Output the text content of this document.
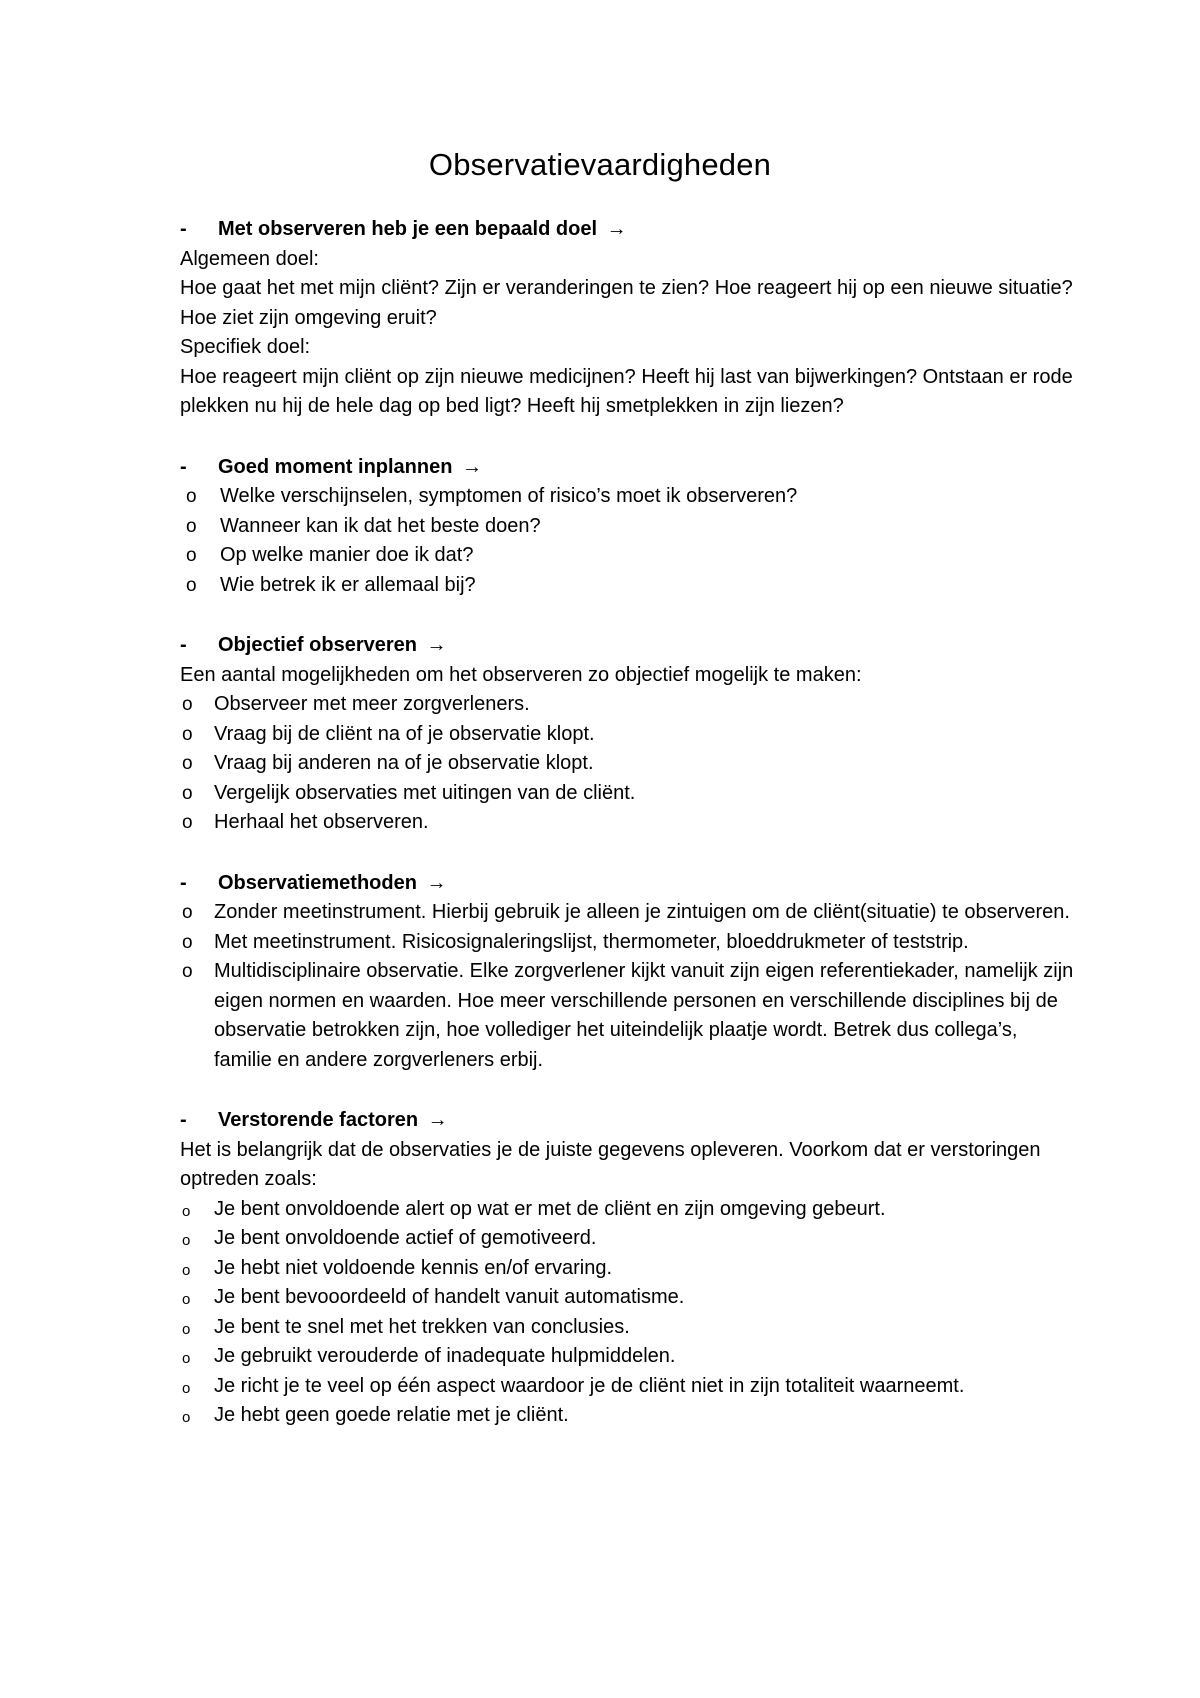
Observatievaardigheden
- Met observeren heb je een bepaald doel →

Algemeen doel:

Hoe gaat het met mijn cliënt? Zijn er veranderingen te zien? Hoe reageert hij op een nieuwe situatie? Hoe ziet zijn omgeving eruit?

Specifiek doel:

Hoe reageert mijn cliënt op zijn nieuwe medicijnen? Heeft hij last van bijwerkingen? Ontstaan er rode plekken nu hij de hele dag op bed ligt? Heeft hij smetplekken in zijn liezen?

- Goed moment inplannen →
o Welke verschijnselen, symptomen of risico’s moet ik observeren?
o Wanneer kan ik dat het beste doen?
o Op welke manier doe ik dat?
o Wie betrek ik er allemaal bij?
- Objectief observeren →

Een aantal mogelijkheden om het observeren zo objectief mogelijk te maken:

o Observeer met meer zorgverleners.
o Vraag bij de cliënt na of je observatie klopt.
o Vraag bij anderen na of je observatie klopt.
o Vergelijk observaties met uitingen van de cliënt.
o Herhaal het observeren.
- Observatiemethoden →
o Zonder meetinstrument. Hierbij gebruik je alleen je zintuigen om de cliënt(situatie) te observeren.
o Met meetinstrument. Risicosignaleringslijst, thermometer, bloeddrukmeter of teststrip.
o Multidisciplinaire observatie. Elke zorgverlener kijkt vanuit zijn eigen referentiekader, namelijk zijn eigen normen en waarden. Hoe meer verschillende personen en verschillende disciplines bij de observatie betrokken zijn, hoe vollediger het uiteindelijk plaatje wordt. Betrek dus collega’s, familie en andere zorgverleners erbij.
- Verstorende factoren →

Het is belangrijk dat de observaties je de juiste gegevens opleveren. Voorkom dat er verstoringen optreden zoals:

o Je bent onvoldoende alert op wat er met de cliënt en zijn omgeving gebeurt.
o Je bent onvoldoende actief of gemotiveerd.
o Je hebt niet voldoende kennis en/of ervaring.
o Je bent bevooordeeld of handelt vanuit automatisme.
o Je bent te snel met het trekken van conclusies.
o Je gebruikt verouderde of inadequate hulpmiddelen.
o Je richt je te veel op één aspect waardoor je de cliënt niet in zijn totaliteit waarneemt.
o Je hebt geen goede relatie met je cliënt.
